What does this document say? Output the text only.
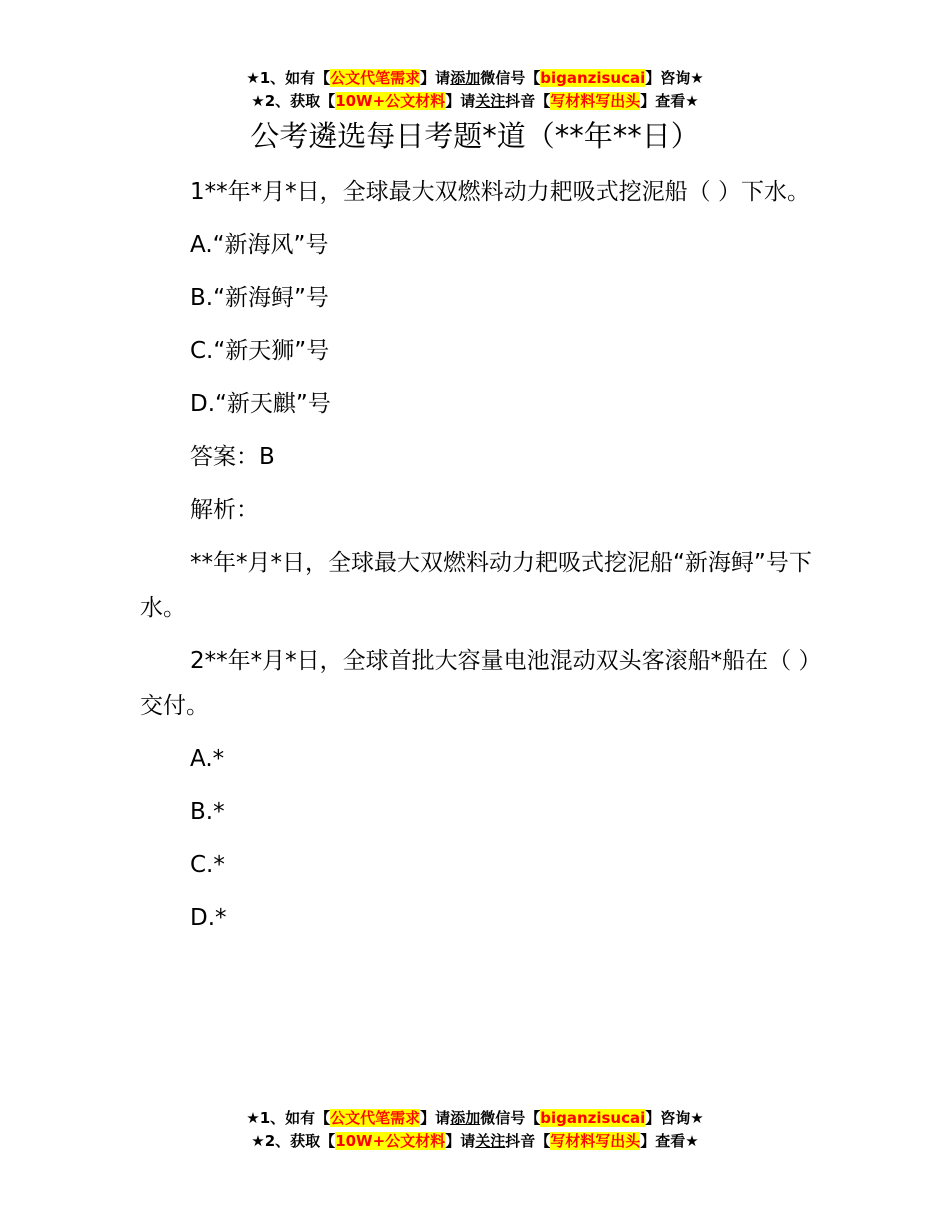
★1、如有【公文代笔需求】请添加微信号【biganzisucai】咨询★
★2、获取【10W+公文材料】请关注抖音【写材料写出头】查看★
公考遴选每日考题*道（**年**日）

1**年*月*日，全球最大双燃料动力耙吸式挖泥船（ ）下水。

A.“新海风”号

B.“新海鲟”号

C.“新天狮”号

D.“新天麒”号

答案：B

解析：

**年*月*日，全球最大双燃料动力耙吸式挖泥船“新海鲟”号下水。

2**年*月*日，全球首批大容量电池混动双头客滚船*船在（ ）交付。

A.*

B.*

C.*

D.*

★1、如有【公文代笔需求】请添加微信号【biganzisucai】咨询★
★2、获取【10W+公文材料】请关注抖音【写材料写出头】查看★
